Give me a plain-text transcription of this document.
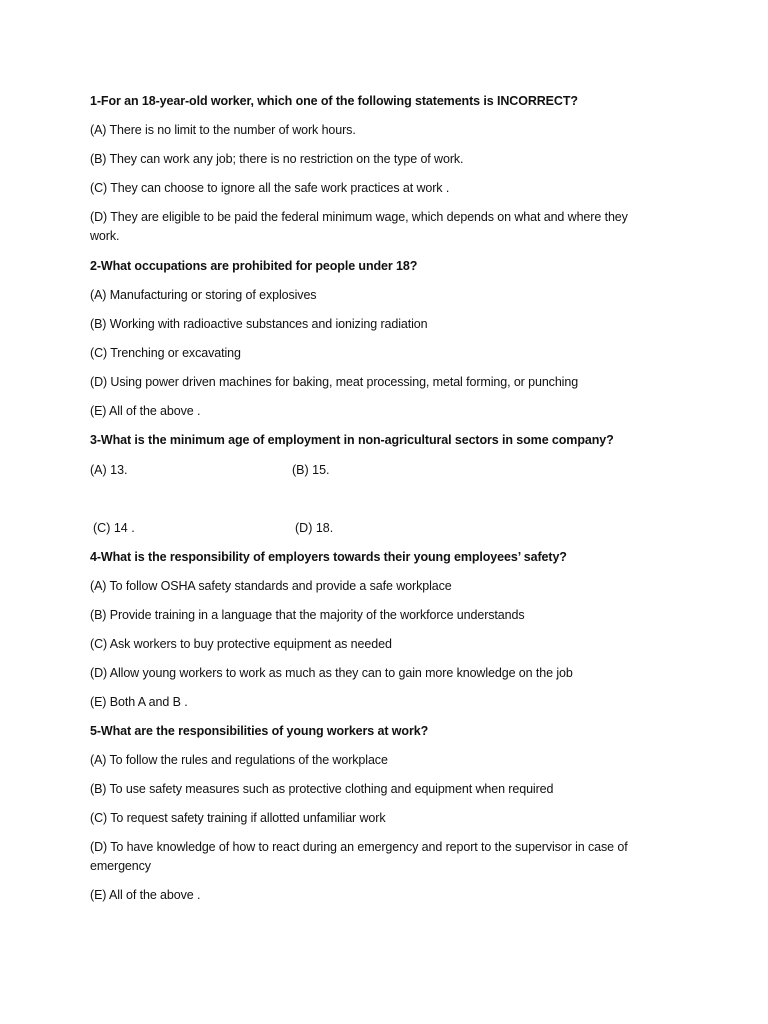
1-For an 18-year-old worker, which one of the following statements is INCORRECT?
(A) There is no limit to the number of work hours.
(B) They can work any job; there is no restriction on the type of work.
(C) They can choose to ignore all the safe work practices at work .
(D) They are eligible to be paid the federal minimum wage, which depends on what and where they work.
2-What occupations are prohibited for people under 18?
(A) Manufacturing or storing of explosives
(B) Working with radioactive substances and ionizing radiation
(C) Trenching or excavating
(D) Using power driven machines for baking, meat processing, metal forming, or punching
(E) All of the above .
3-What is the minimum age of employment in non-agricultural sectors in some company?
(A) 13.	(B) 15.
(C) 14 .	(D) 18.
4-What is the responsibility of employers towards their young employees’ safety?
(A) To follow OSHA safety standards and provide a safe workplace
(B) Provide training in a language that the majority of the workforce understands
(C) Ask workers to buy protective equipment as needed
(D) Allow young workers to work as much as they can to gain more knowledge on the job
(E) Both A and B .
5-What are the responsibilities of young workers at work?
(A) To follow the rules and regulations of the workplace
(B) To use safety measures such as protective clothing and equipment when required
(C) To request safety training if allotted unfamiliar work
(D) To have knowledge of how to react during an emergency and report to the supervisor in case of emergency
(E) All of the above .
